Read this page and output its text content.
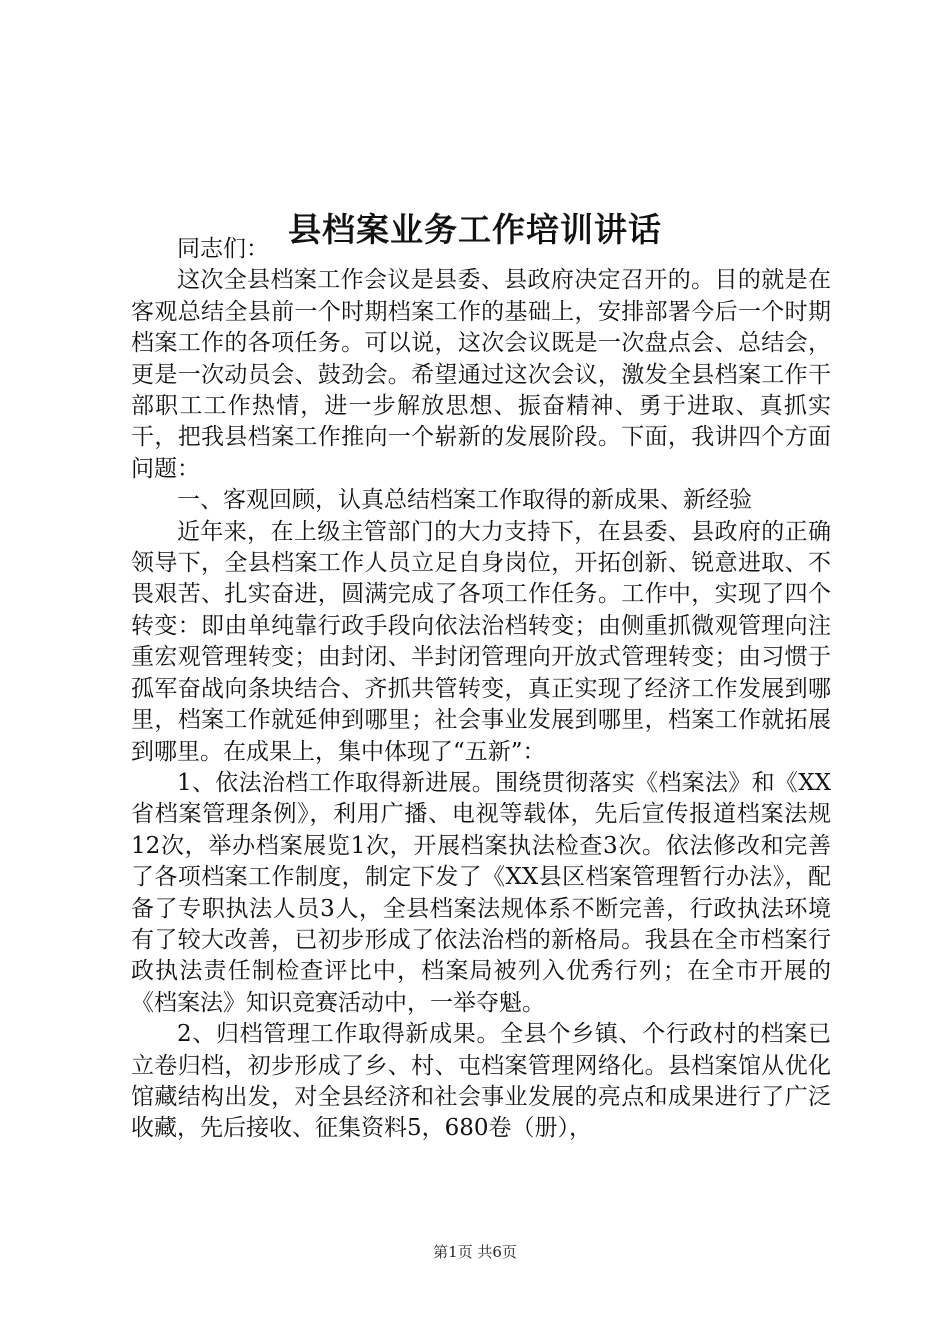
县档案业务工作培训讲话

同志们：

这次全县档案工作会议是县委、县政府决定召开的。目的就是在客观总结全县前一个时期档案工作的基础上，安排部署今后一个时期档案工作的各项任务。可以说，这次会议既是一次盘点会、总结会，更是一次动员会、鼓劲会。希望通过这次会议，激发全县档案工作干部职工工作热情，进一步解放思想、振奋精神、勇于进取、真抓实干，把我县档案工作推向一个崭新的发展阶段。下面，我讲四个方面问题：

一、客观回顾，认真总结档案工作取得的新成果、新经验

近年来，在上级主管部门的大力支持下，在县委、县政府的正确领导下，全县档案工作人员立足自身岗位，开拓创新、锐意进取、不畏艰苦、扎实奋进，圆满完成了各项工作任务。工作中，实现了四个转变：即由单纯靠行政手段向依法治档转变；由侧重抓微观管理向注重宏观管理转变；由封闭、半封闭管理向开放式管理转变；由习惯于孤军奋战向条块结合、齐抓共管转变，真正实现了经济工作发展到哪里，档案工作就延伸到哪里；社会事业发展到哪里，档案工作就拓展到哪里。在成果上，集中体现了“五新”：

1、依法治档工作取得新进展。围绕贯彻落实《档案法》和《XX省档案管理条例》，利用广播、电视等载体，先后宣传报道档案法规12次，举办档案展览1次，开展档案执法检查3次。依法修改和完善了各项档案工作制度，制定下发了《XX县区档案管理暂行办法》，配备了专职执法人员3人，全县档案法规体系不断完善，行政执法环境有了较大改善，已初步形成了依法治档的新格局。我县在全市档案行政执法责任制检查评比中，档案局被列入优秀行列；在全市开展的《档案法》知识竞赛活动中，一举夺魁。

2、归档管理工作取得新成果。全县个乡镇、个行政村的档案已立卷归档，初步形成了乡、村、屯档案管理网络化。县档案馆从优化馆藏结构出发，对全县经济和社会事业发展的亮点和成果进行了广泛收藏，先后接收、征集资料5，680卷（册），

第1页 共6页
